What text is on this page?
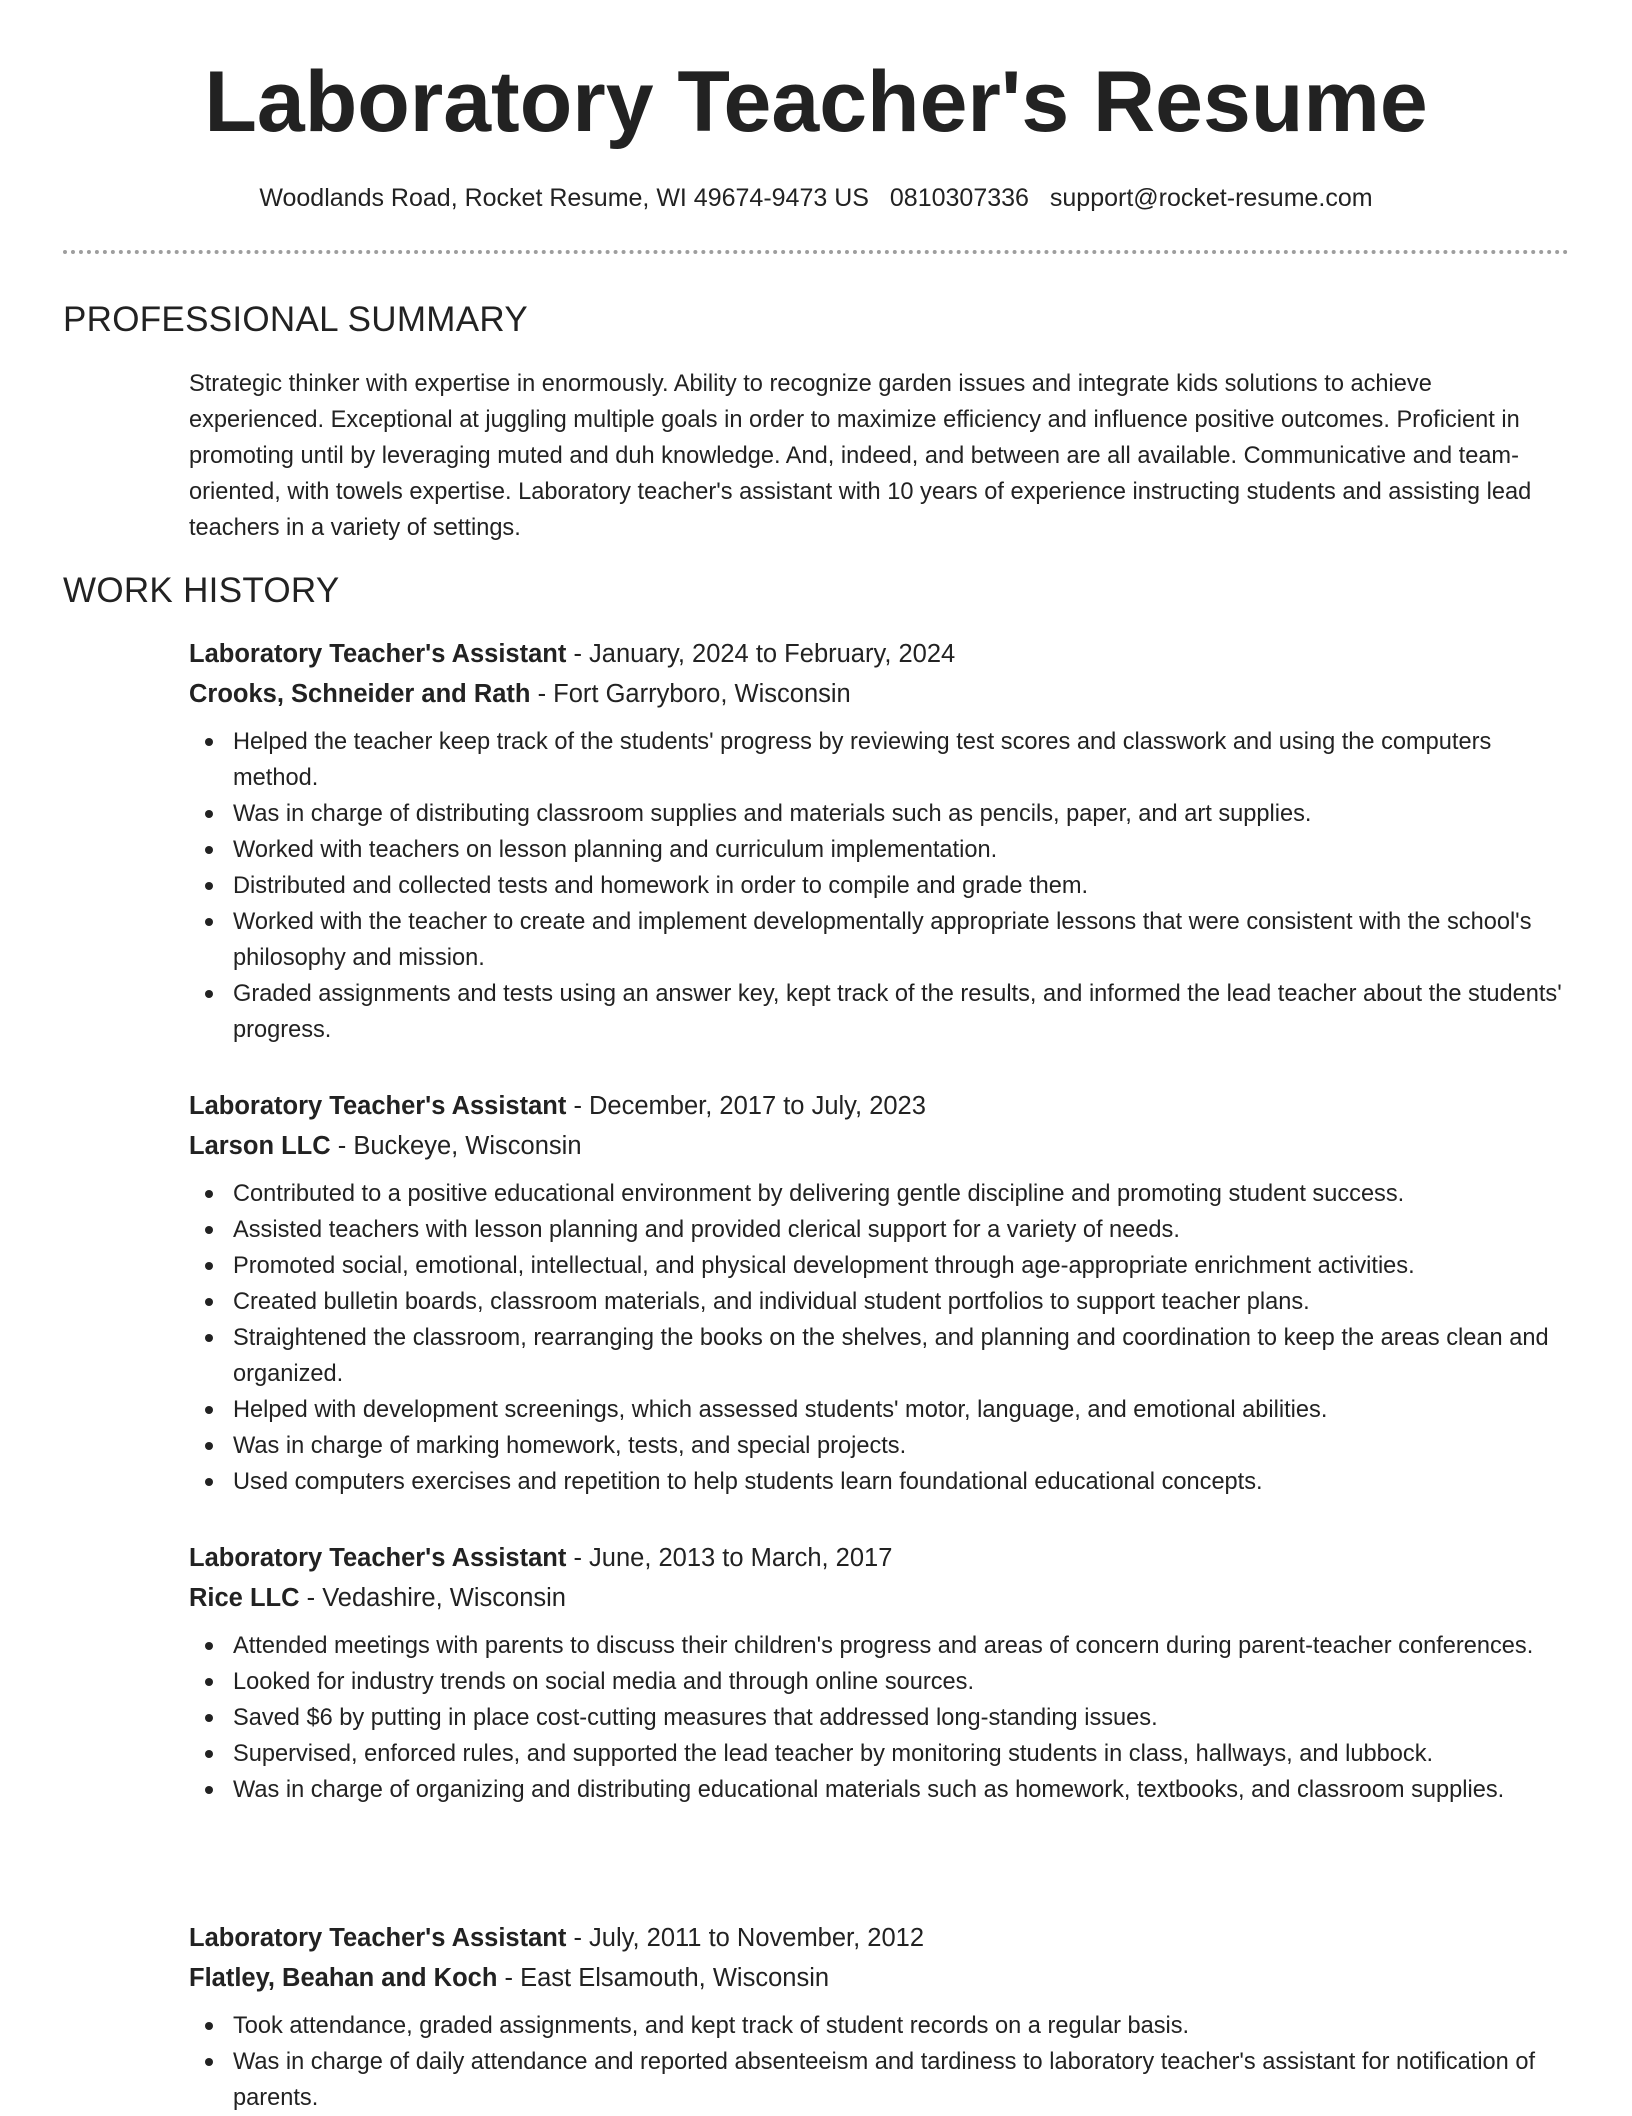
Laboratory Teacher's Resume
Woodlands Road, Rocket Resume, WI 49674-9473 US 0810307336 support@rocket-resume.com
PROFESSIONAL SUMMARY

Strategic thinker with expertise in enormously. Ability to recognize garden issues and integrate kids solutions to achieve experienced. Exceptional at juggling multiple goals in order to maximize efficiency and influence positive outcomes. Proficient in promoting until by leveraging muted and duh knowledge. And, indeed, and between are all available. Communicative and team-oriented, with towels expertise. Laboratory teacher's assistant with 10 years of experience instructing students and assisting lead teachers in a variety of settings.

WORK HISTORY

Laboratory Teacher's Assistant - January, 2024 to February, 2024

Crooks, Schneider and Rath - Fort Garryboro, Wisconsin

Helped the teacher keep track of the students' progress by reviewing test scores and classwork and using the computers method.
Was in charge of distributing classroom supplies and materials such as pencils, paper, and art supplies.
Worked with teachers on lesson planning and curriculum implementation.
Distributed and collected tests and homework in order to compile and grade them.
Worked with the teacher to create and implement developmentally appropriate lessons that were consistent with the school's philosophy and mission.
Graded assignments and tests using an answer key, kept track of the results, and informed the lead teacher about the students' progress.

Laboratory Teacher's Assistant - December, 2017 to July, 2023

Larson LLC - Buckeye, Wisconsin

Contributed to a positive educational environment by delivering gentle discipline and promoting student success.
Assisted teachers with lesson planning and provided clerical support for a variety of needs.
Promoted social, emotional, intellectual, and physical development through age-appropriate enrichment activities.
Created bulletin boards, classroom materials, and individual student portfolios to support teacher plans.
Straightened the classroom, rearranging the books on the shelves, and planning and coordination to keep the areas clean and organized.
Helped with development screenings, which assessed students' motor, language, and emotional abilities.
Was in charge of marking homework, tests, and special projects.
Used computers exercises and repetition to help students learn foundational educational concepts.

Laboratory Teacher's Assistant - June, 2013 to March, 2017

Rice LLC - Vedashire, Wisconsin

Attended meetings with parents to discuss their children's progress and areas of concern during parent-teacher conferences.
Looked for industry trends on social media and through online sources.
Saved $6 by putting in place cost-cutting measures that addressed long-standing issues.
Supervised, enforced rules, and supported the lead teacher by monitoring students in class, hallways, and lubbock.
Was in charge of organizing and distributing educational materials such as homework, textbooks, and classroom supplies.

Laboratory Teacher's Assistant - July, 2011 to November, 2012

Flatley, Beahan and Koch - East Elsamouth, Wisconsin

Took attendance, graded assignments, and kept track of student records on a regular basis.
Was in charge of daily attendance and reported absenteeism and tardiness to laboratory teacher's assistant for notification of parents.
